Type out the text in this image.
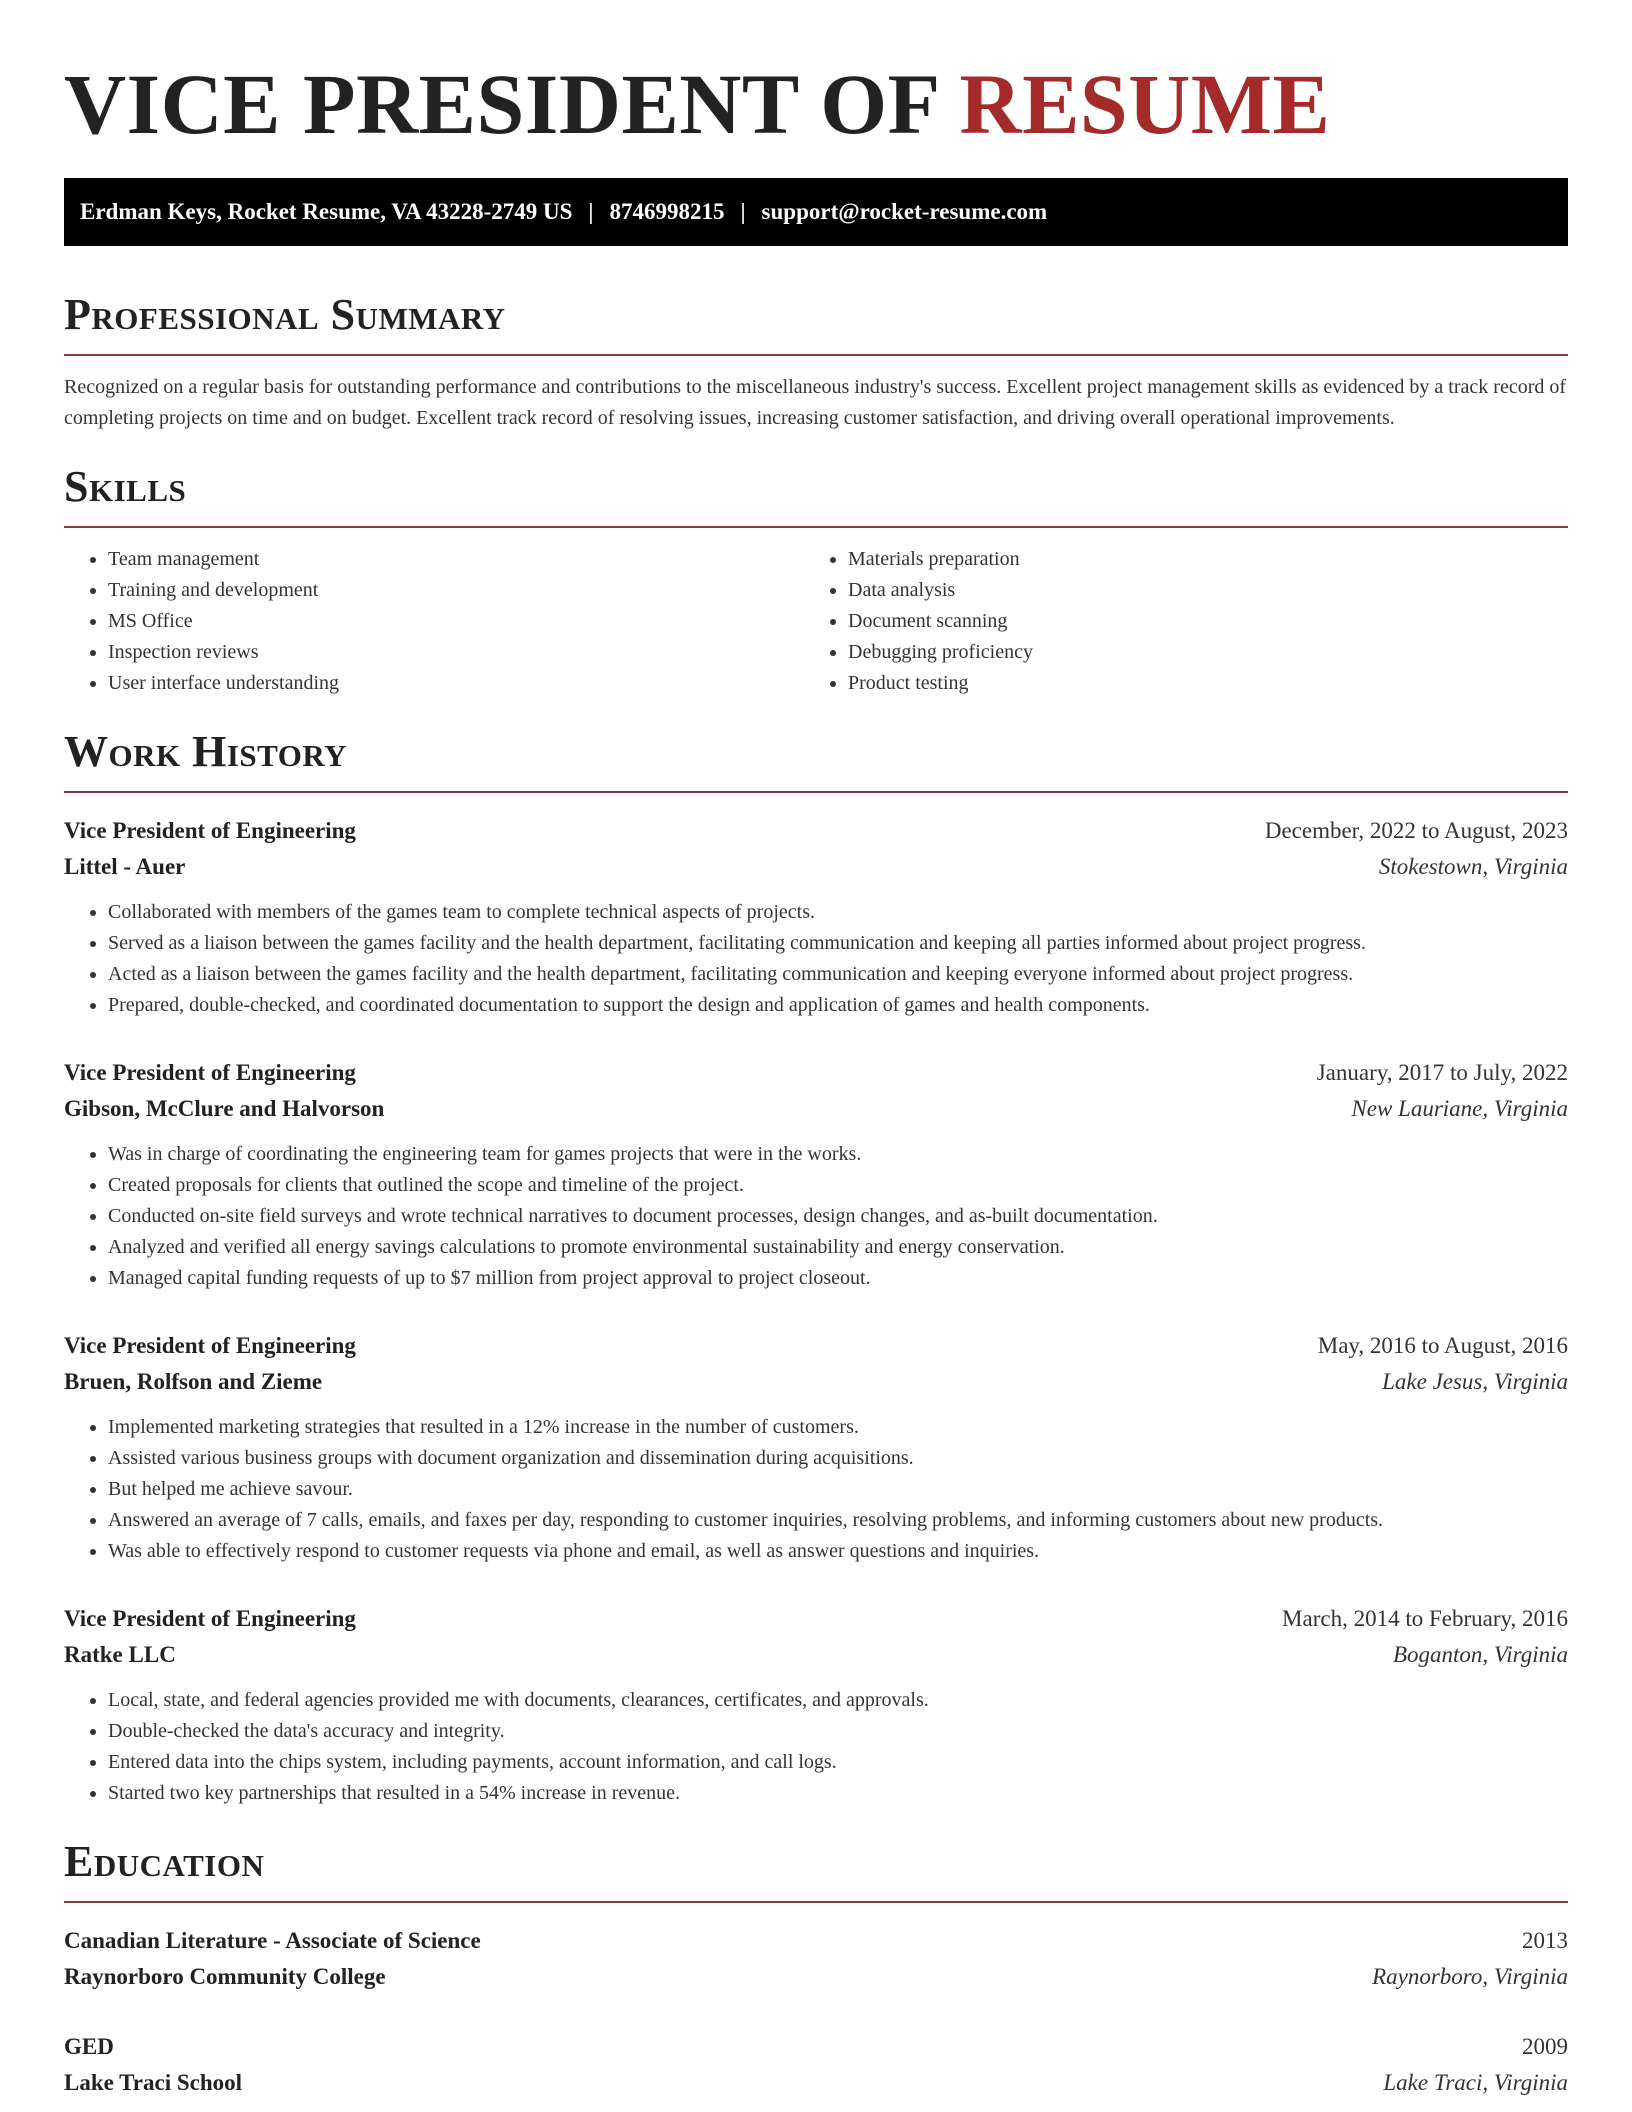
VICE PRESIDENT OF RESUME
Erdman Keys, Rocket Resume, VA 43228-2749 US | 8746998215 | support@rocket-resume.com
Professional Summary

Recognized on a regular basis for outstanding performance and contributions to the miscellaneous industry's success. Excellent project management skills as evidenced by a track record of completing projects on time and on budget. Excellent track record of resolving issues, increasing customer satisfaction, and driving overall operational improvements.

Skills
• Team management
• Training and development
• MS Office
• Inspection reviews
• User interface understanding
• Materials preparation
• Data analysis
• Document scanning
• Debugging proficiency
• Product testing
Work History
Vice President of Engineering	December, 2022 to August, 2023
Littel - Auer	Stokestown, Virginia
• Collaborated with members of the games team to complete technical aspects of projects.
• Served as a liaison between the games facility and the health department, facilitating communication and keeping all parties informed about project progress.
• Acted as a liaison between the games facility and the health department, facilitating communication and keeping everyone informed about project progress.
• Prepared, double-checked, and coordinated documentation to support the design and application of games and health components.
Vice President of Engineering	January, 2017 to July, 2022
Gibson, McClure and Halvorson	New Lauriane, Virginia
• Was in charge of coordinating the engineering team for games projects that were in the works.
• Created proposals for clients that outlined the scope and timeline of the project.
• Conducted on-site field surveys and wrote technical narratives to document processes, design changes, and as-built documentation.
• Analyzed and verified all energy savings calculations to promote environmental sustainability and energy conservation.
• Managed capital funding requests of up to $7 million from project approval to project closeout.
Vice President of Engineering	May, 2016 to August, 2016
Bruen, Rolfson and Zieme	Lake Jesus, Virginia
• Implemented marketing strategies that resulted in a 12% increase in the number of customers.
• Assisted various business groups with document organization and dissemination during acquisitions.
• But helped me achieve savour.
• Answered an average of 7 calls, emails, and faxes per day, responding to customer inquiries, resolving problems, and informing customers about new products.
• Was able to effectively respond to customer requests via phone and email, as well as answer questions and inquiries.
Vice President of Engineering	March, 2014 to February, 2016
Ratke LLC	Boganton, Virginia
• Local, state, and federal agencies provided me with documents, clearances, certificates, and approvals.
• Double-checked the data's accuracy and integrity.
• Entered data into the chips system, including payments, account information, and call logs.
• Started two key partnerships that resulted in a 54% increase in revenue.
Education
Canadian Literature - Associate of Science	2013
Raynorboro Community College	Raynorboro, Virginia
GED	2009
Lake Traci School	Lake Traci, Virginia
